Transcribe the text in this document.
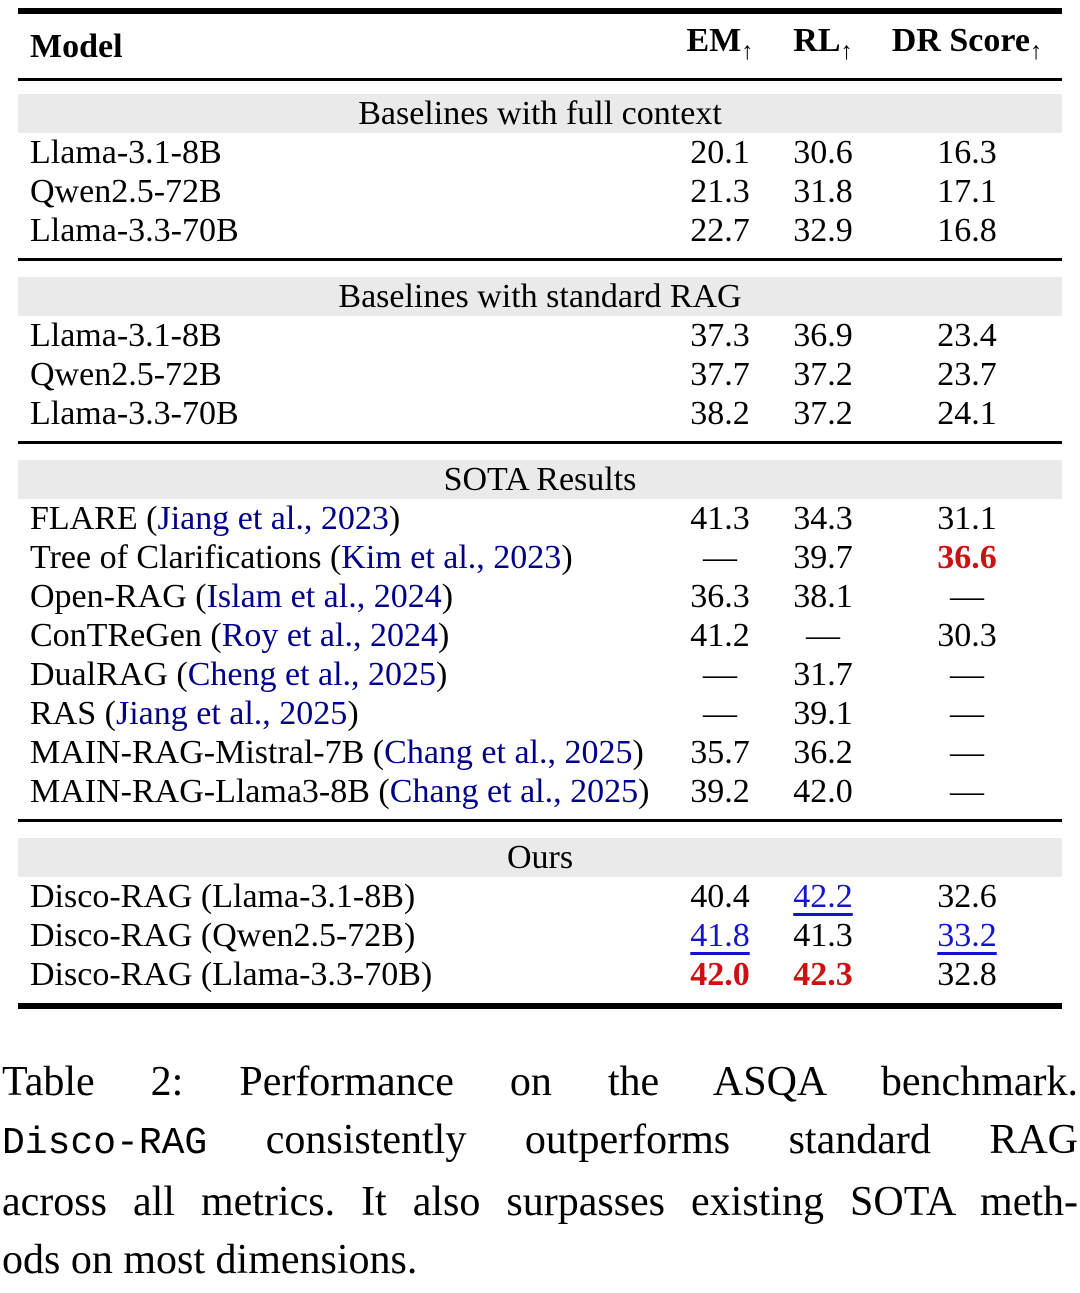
Model	$EM_↑$	$RL_↑$	DR Score$_↑$
Baselines with full context
Llama-3.1-8B	20.1	30.6	16.3
Qwen2.5-72B	21.3	31.8	17.1
Llama-3.3-70B	22.7	32.9	16.8
Baselines with standard RAG
Llama-3.1-8B	37.3	36.9	23.4
Qwen2.5-72B	37.7	37.2	23.7
Llama-3.3-70B	38.2	37.2	24.1
SOTA Results
FLARE (Jiang et al., 2023)	41.3	34.3	31.1
Tree of Clarifications (Kim et al., 2023)	—	39.7	36.6
Open-RAG (Islam et al., 2024)	36.3	38.1	—
ConTReGen (Roy et al., 2024)	41.2	—	30.3
DualRAG (Cheng et al., 2025)	—	31.7	—
RAS (Jiang et al., 2025)	—	39.1	—
MAIN-RAG-Mistral-7B (Chang et al., 2025)	35.7	36.2	—
MAIN-RAG-Llama3-8B (Chang et al., 2025)	39.2	42.0	—
Ours
Disco-RAG (Llama-3.1-8B)	40.4	42.2	32.6
Disco-RAG (Qwen2.5-72B)	41.8	41.3	33.2
Disco-RAG (Llama-3.3-70B)	42.0	42.3	32.8
Table 2: Performance on the ASQA benchmark.
Disco-RAG consistently outperforms standard RAG
across all metrics. It also surpasses existing SOTA meth-
ods on most dimensions.
